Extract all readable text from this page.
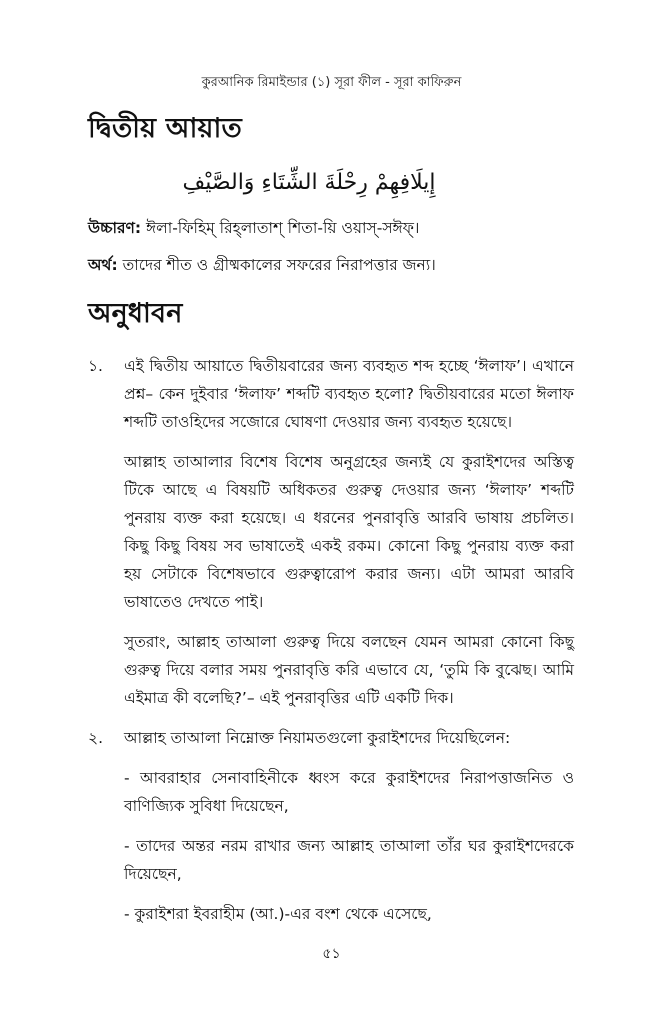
কুরআনিক রিমাইন্ডার (১) সূরা ফীল - সূরা কাফিরুন
দ্বিতীয় আয়াত
إِيلَافِهِمْ رِحْلَةَ الشِّتَاءِ وَالصَّيْفِ

উচ্চারণ: ঈলা-ফিহিম্ রিহ্‌লাতাশ্ শিতা-য়ি ওয়াস্-সঈফ্।

অর্থ: তাদের শীত ও গ্রীষ্মকালের সফরের নিরাপত্তার জন্য।

অনুধাবন
১. এই দ্বিতীয় আয়াতে দ্বিতীয়বারের জন্য ব্যবহৃত শব্দ হচ্ছে ‘ঈলাফ’। এখানে প্রশ্ন– কেন দুইবার ‘ঈলাফ’ শব্দটি ব্যবহৃত হলো? দ্বিতীয়বারের মতো ঈলাফ শব্দটি তাওহিদের সজোরে ঘোষণা দেওয়ার জন্য ব্যবহৃত হয়েছে।

আল্লাহ তাআলার বিশেষ বিশেষ অনুগ্রহের জন্যই যে কুরাইশদের অস্তিত্ব টিকে আছে এ বিষয়টি অধিকতর গুরুত্ব দেওয়ার জন্য ‘ঈলাফ’ শব্দটি পুনরায় ব্যক্ত করা হয়েছে। এ ধরনের পুনরাবৃত্তি আরবি ভাষায় প্রচলিত। কিছু কিছু বিষয় সব ভাষাতেই একই রকম। কোনো কিছু পুনরায় ব্যক্ত করা হয় সেটাকে বিশেষভাবে গুরুত্বারোপ করার জন্য। এটা আমরা আরবি ভাষাতেও দেখতে পাই।

সুতরাং, আল্লাহ তাআলা গুরুত্ব দিয়ে বলছেন যেমন আমরা কোনো কিছু গুরুত্ব দিয়ে বলার সময় পুনরাবৃত্তি করি এভাবে যে, ‘তুমি কি বুঝেছ। আমি এইমাত্র কী বলেছি?’– এই পুনরাবৃত্তির এটি একটি দিক।

২. আল্লাহ তাআলা নিম্নোক্ত নিয়ামতগুলো কুরাইশদের দিয়েছিলেন:

- আবরাহার সেনাবাহিনীকে ধ্বংস করে কুরাইশদের নিরাপত্তাজনিত ও বাণিজ্যিক সুবিধা দিয়েছেন,

- তাদের অন্তর নরম রাখার জন্য আল্লাহ তাআলা তাঁর ঘর কুরাইশদেরকে দিয়েছেন,

- কুরাইশরা ইবরাহীম (আ.)-এর বংশ থেকে এসেছে,

৫১
